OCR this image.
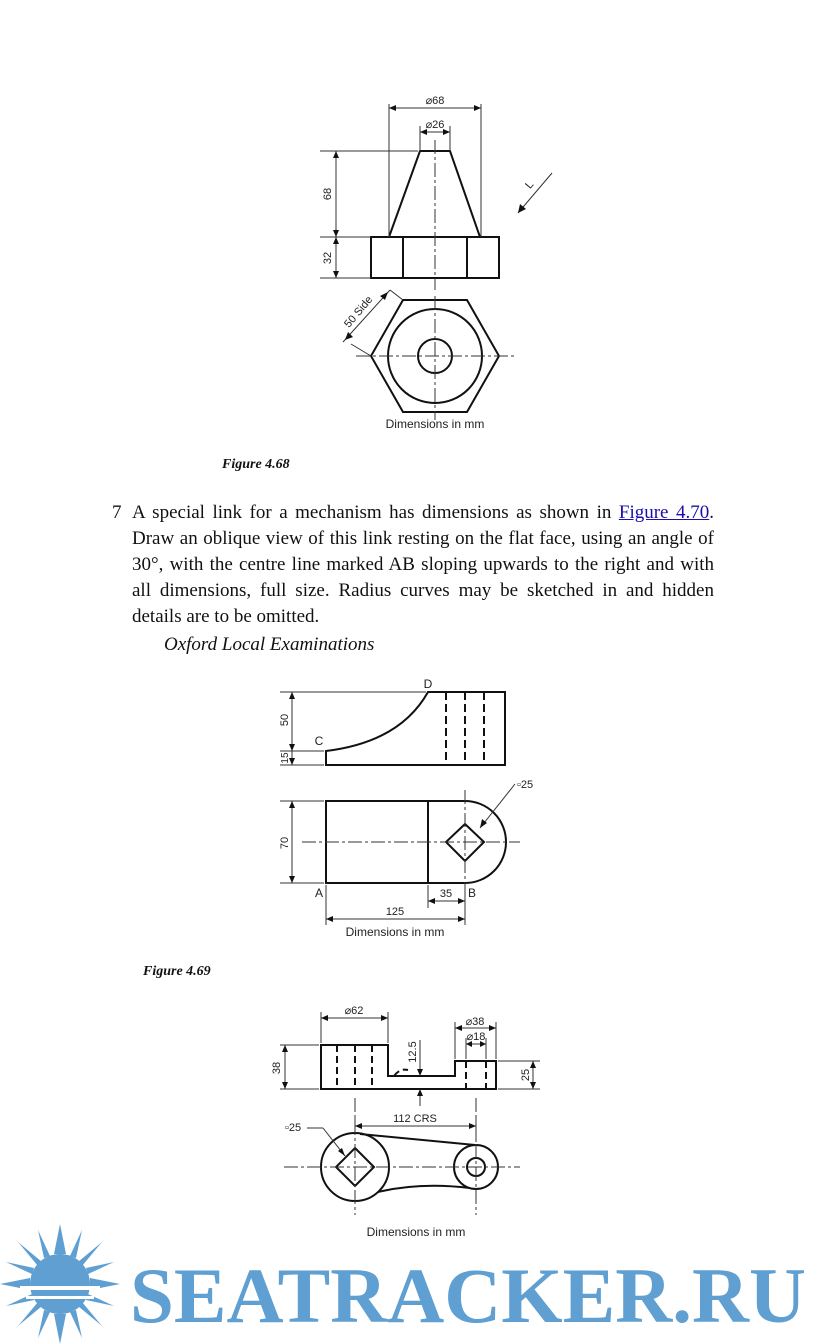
⌀68
⌀26
68
32
50 Side
L
Dimensions in mm
Figure 4.68
7 A special link for a mechanism has dimensions as shown in Figure 4.70. Draw an oblique view of this link resting on the flat face, using an angle of 30°, with the centre line marked AB sloping upwards to the right and with all dimensions, full size. Radius curves may be sketched in and hidden details are to be omitted.
Oxford Local Examinations
D
C
A	B
50
15
70
35
125
▫25
Dimensions in mm
Figure 4.69
⌀62
⌀38
⌀18
38
12.5
25
112 CRS
▫25
Dimensions in mm
SEATRACKER.RU
